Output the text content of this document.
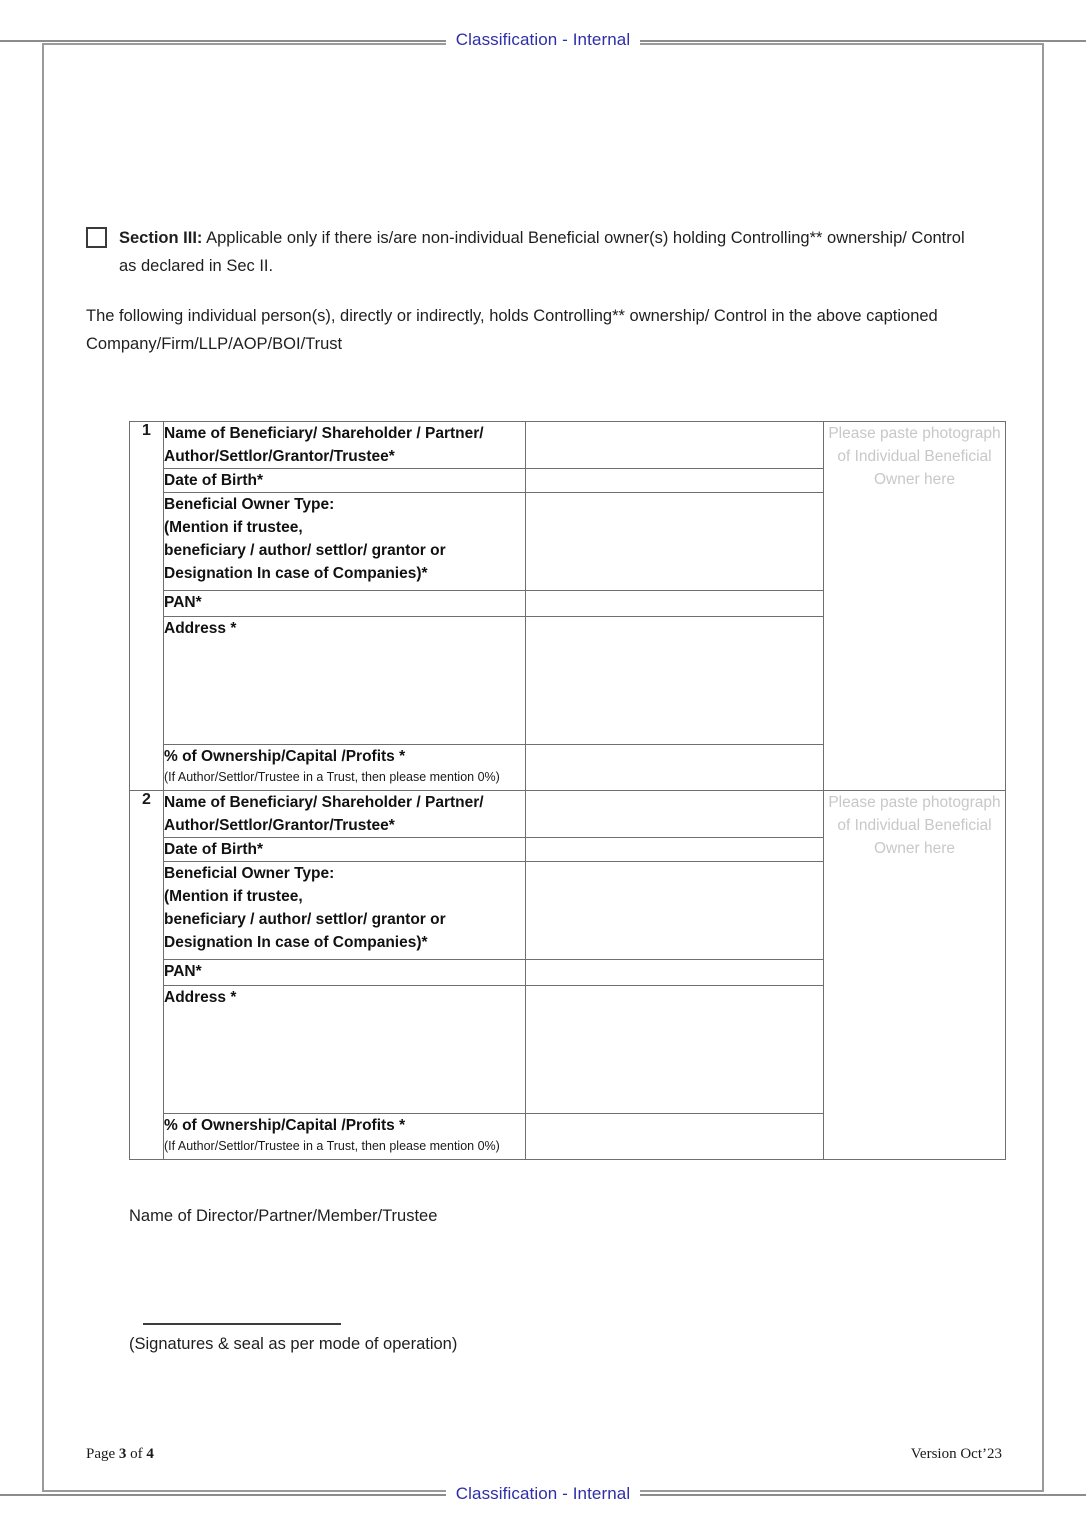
Classification - Internal
Section III: Applicable only if there is/are non-individual Beneficial owner(s) holding Controlling** ownership/ Control as declared in Sec II.
The following individual person(s), directly or indirectly, holds Controlling** ownership/ Control in the above captioned Company/Firm/LLP/AOP/BOI/Trust
1	Name of Beneficiary/ Shareholder / Partner/ Author/Settlor/Grantor/Trustee*		Please paste photograph of Individual Beneficial Owner here
	Date of Birth*		

	Beneficial Owner Type:
(Mention if trustee,
beneficiary / author/ settlor/ grantor or
Designation In case of Companies)*		

	PAN*		
	Address *		
	% of Ownership/Capital /Profits *
(If Author/Settlor/Trustee in a Trust, then please mention 0%)		

2	Name of Beneficiary/ Shareholder / Partner/ Author/Settlor/Grantor/Trustee*		Please paste photograph of Individual Beneficial Owner here
	Date of Birth*		

	Beneficial Owner Type:
(Mention if trustee,
beneficiary / author/ settlor/ grantor or
Designation In case of Companies)*		

	PAN*		
	Address *		
	% of Ownership/Capital /Profits *
(If Author/Settlor/Trustee in a Trust, then please mention 0%)		

Name of Director/Partner/Member/Trustee
(Signatures & seal as per mode of operation)
Page 3 of 4	Version Oct’23
Classification - Internal
